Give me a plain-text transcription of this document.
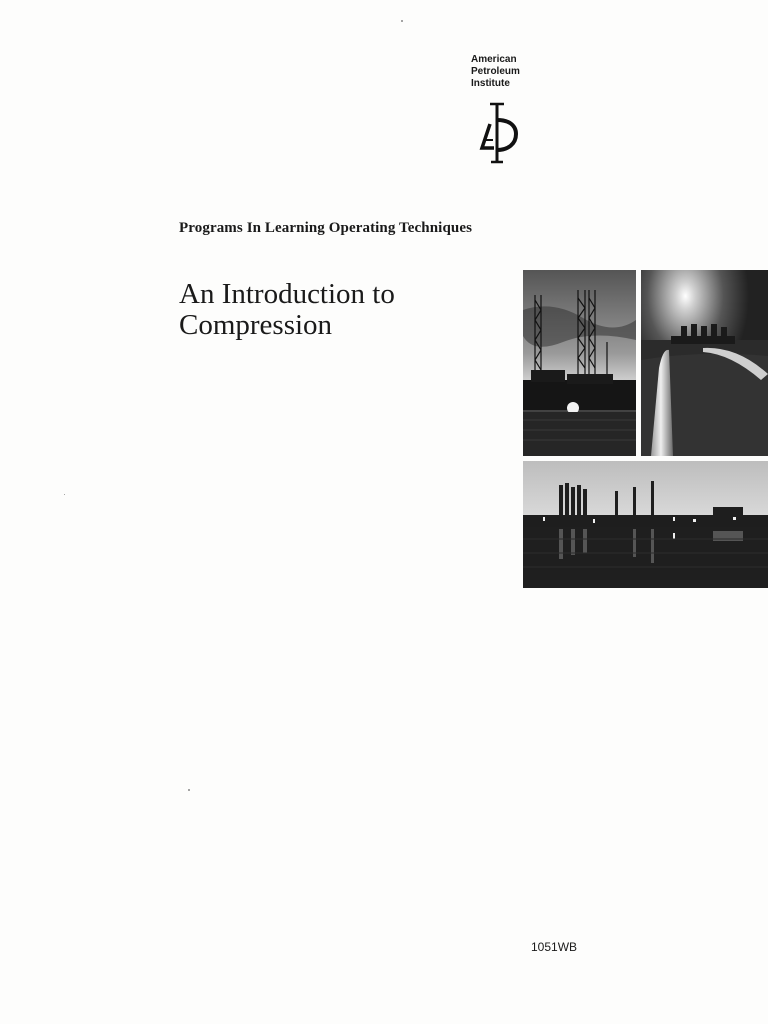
American
Petroleum
Institute
Programs In Learning Operating Techniques
An Introduction to
Compression
1051WB
